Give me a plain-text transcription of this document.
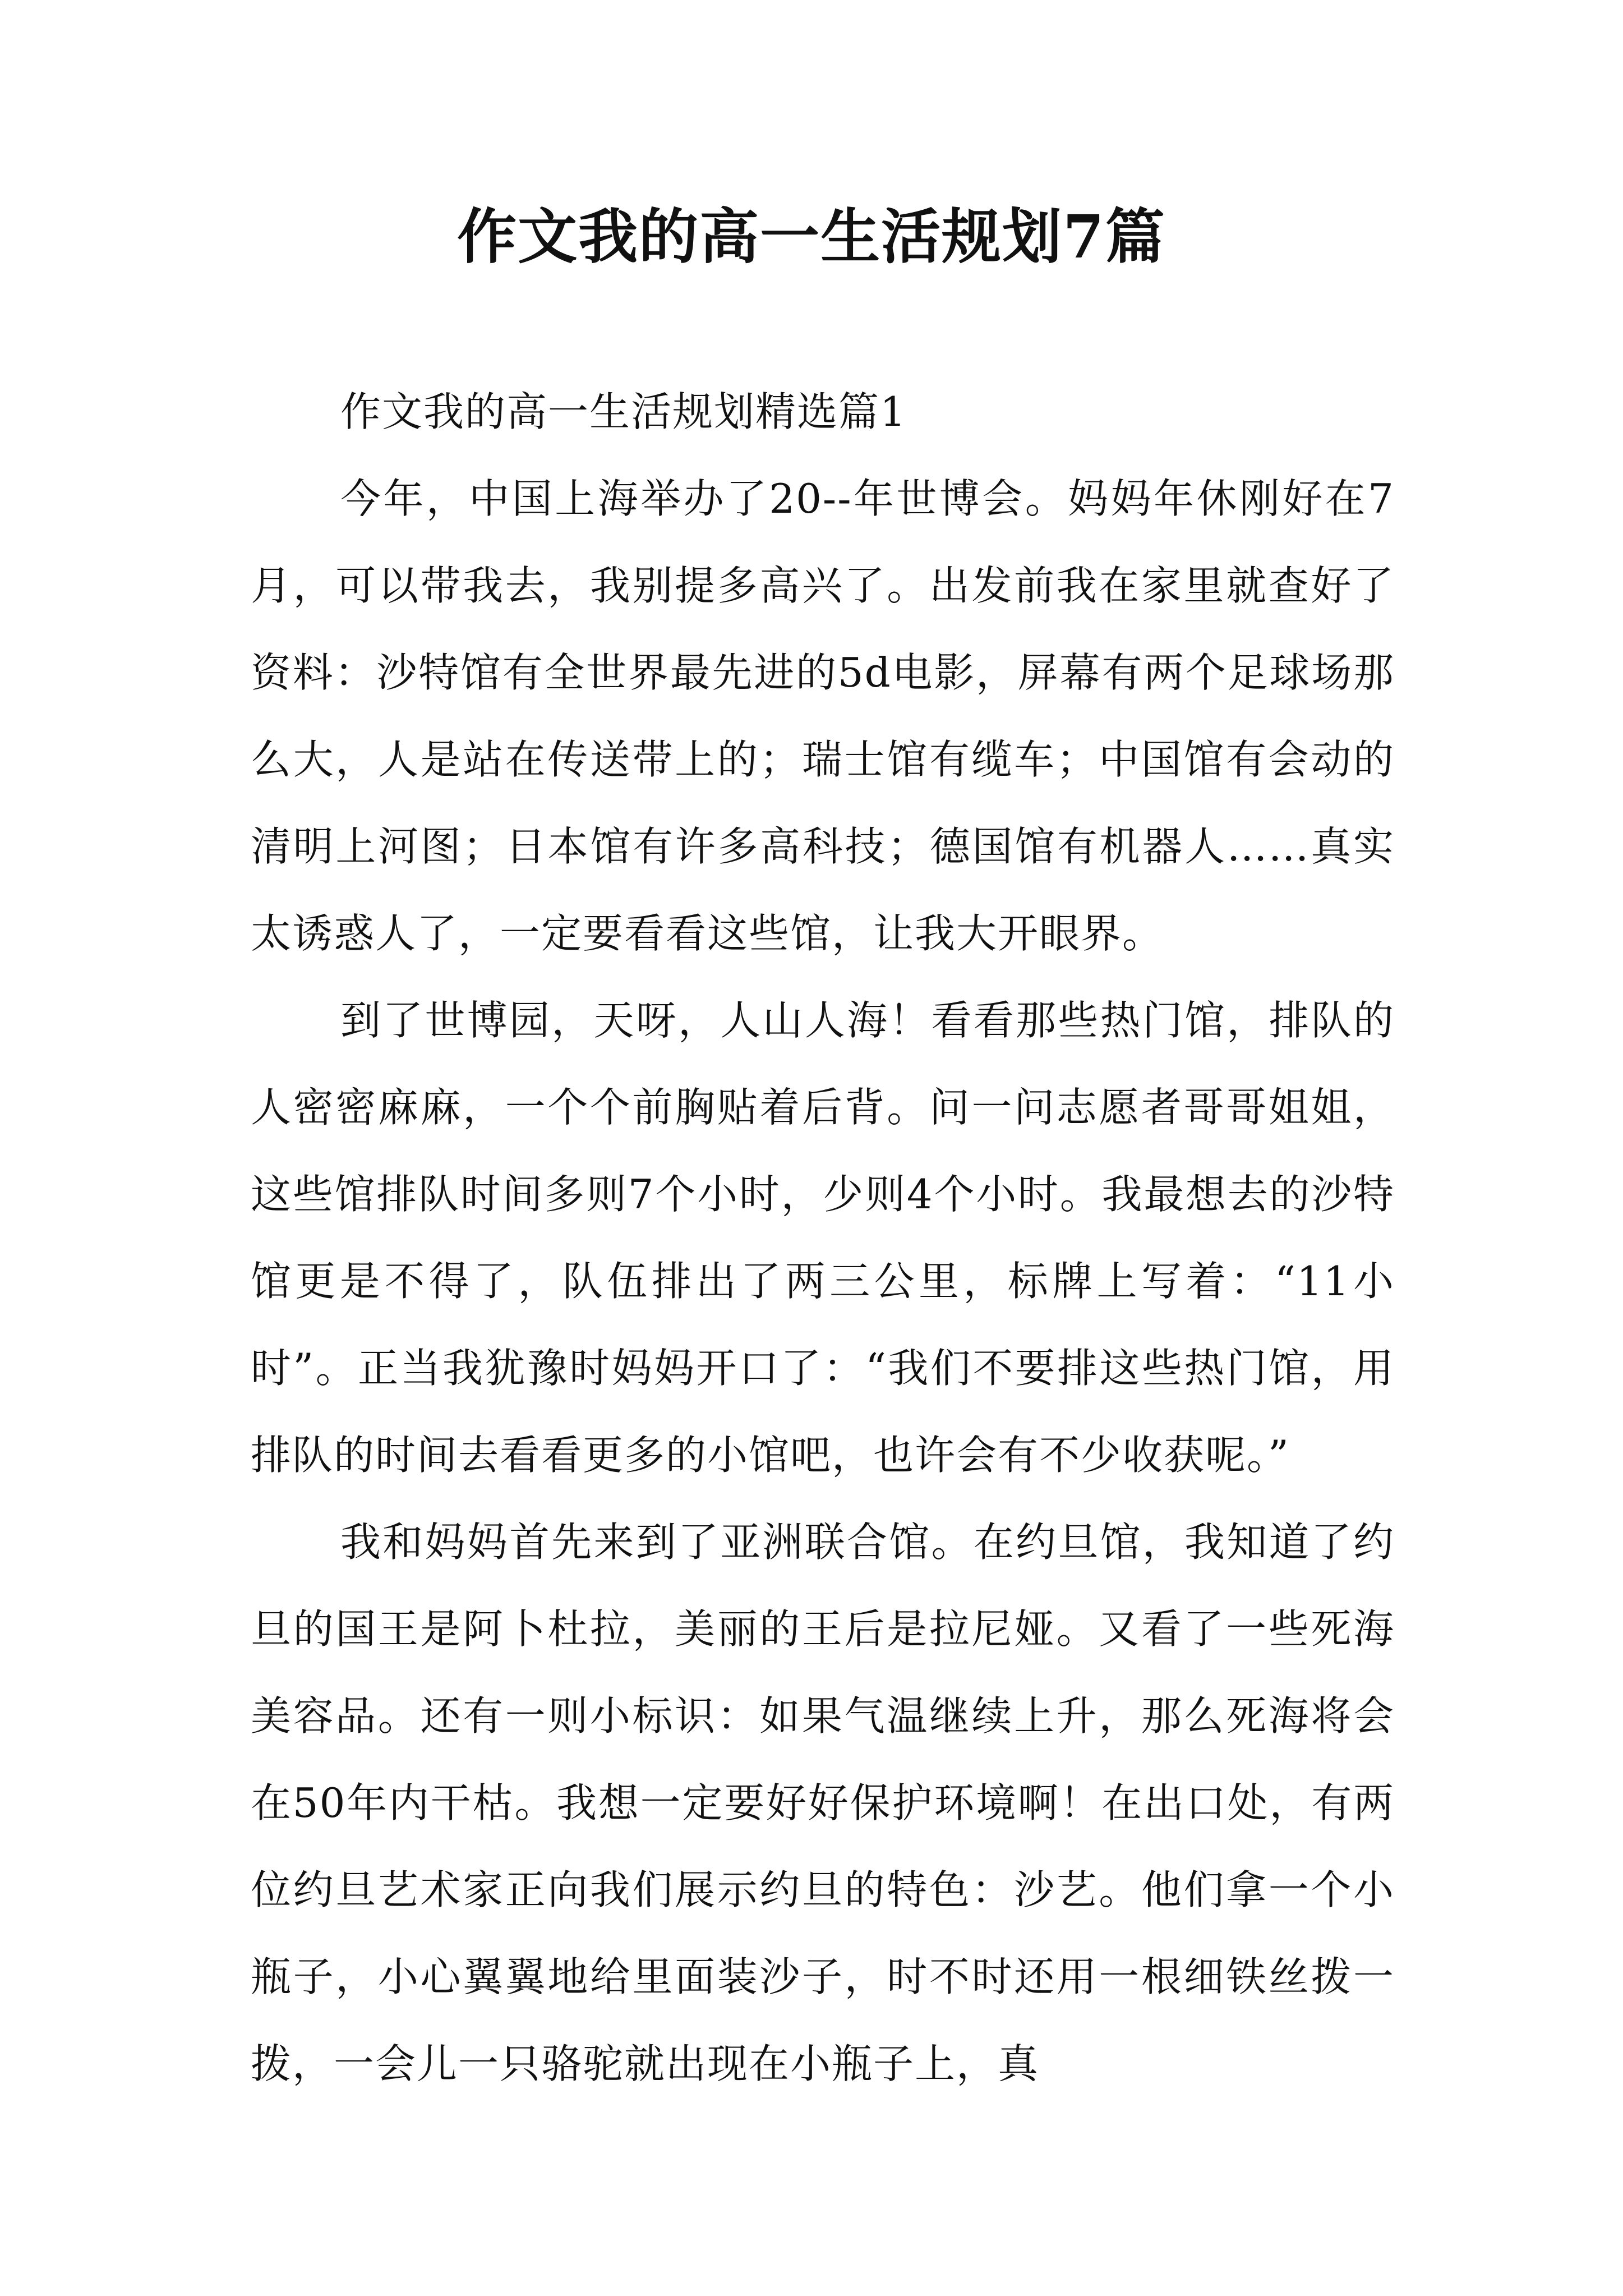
作文我的高一生活规划7篇

作文我的高一生活规划精选篇1

今年，中国上海举办了20--年世博会。妈妈年休刚好在7月，可以带我去，我别提多高兴了。出发前我在家里就查好了资料：沙特馆有全世界最先进的5d电影，屏幕有两个足球场那么大，人是站在传送带上的；瑞士馆有缆车；中国馆有会动的清明上河图；日本馆有许多高科技；德国馆有机器人……真实太诱惑人了，一定要看看这些馆，让我大开眼界。

到了世博园，天呀，人山人海！看看那些热门馆，排队的人密密麻麻，一个个前胸贴着后背。问一问志愿者哥哥姐姐，这些馆排队时间多则7个小时，少则4个小时。我最想去的沙特馆更是不得了，队伍排出了两三公里，标牌上写着：“11小时”。正当我犹豫时妈妈开口了：“我们不要排这些热门馆，用排队的时间去看看更多的小馆吧，也许会有不少收获呢。”

我和妈妈首先来到了亚洲联合馆。在约旦馆，我知道了约旦的国王是阿卜杜拉，美丽的王后是拉尼娅。又看了一些死海美容品。还有一则小标识：如果气温继续上升，那么死海将会在50年内干枯。我想一定要好好保护环境啊！在出口处，有两位约旦艺术家正向我们展示约旦的特色：沙艺。他们拿一个小瓶子，小心翼翼地给里面装沙子，时不时还用一根细铁丝拨一拨，一会儿一只骆驼就出现在小瓶子上，真
